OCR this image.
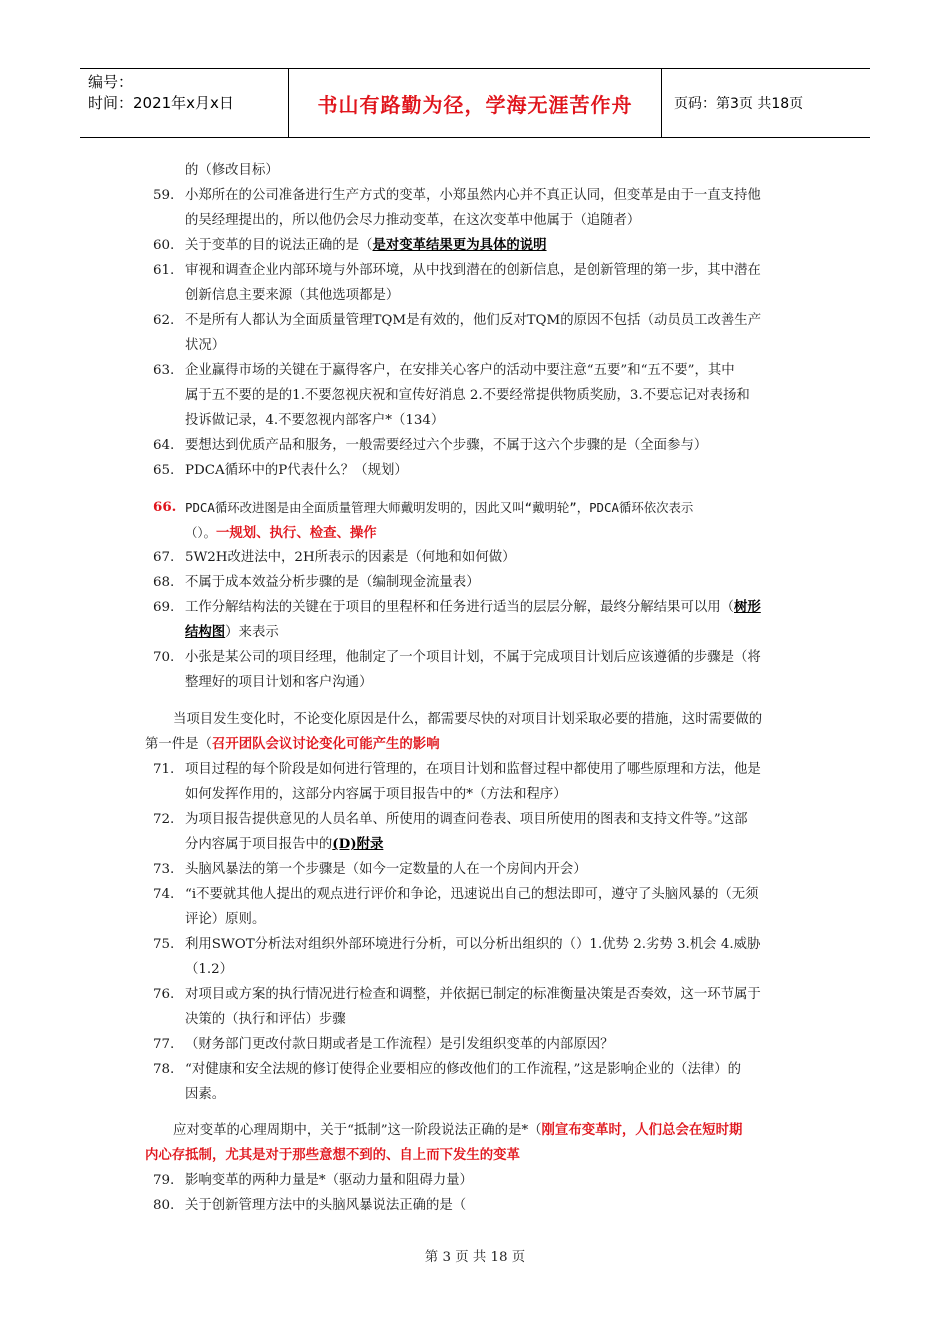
编号：
时间：2021年x月x日	书山有路勤为径，学海无涯苦作舟	页码：第3页 共18页
的（修改目标）
59. 小郑所在的公司准备进行生产方式的变革，小郑虽然内心并不真正认同，但变革是由于一直支持他
的吴经理提出的，所以他仍会尽力推动变革，在这次变革中他属于（追随者）
60. 关于变革的目的说法正确的是（是对变革结果更为具体的说明
61. 审视和调查企业内部环境与外部环境，从中找到潜在的创新信息，是创新管理的第一步，其中潜在
创新信息主要来源（其他选项都是）
62. 不是所有人都认为全面质量管理TQM是有效的，他们反对TQM的原因不包括（动员员工改善生产
状况）
63. 企业赢得市场的关键在于赢得客户，在安排关心客户的活动中要注意“五要”和“五不要”，其中
属于五不要的是的1.不要忽视庆祝和宣传好消息 2.不要经常提供物质奖励，3.不要忘记对表扬和
投诉做记录，4.不要忽视内部客户*（134）
64. 要想达到优质产品和服务，一般需要经过六个步骤，不属于这六个步骤的是（全面参与）
65. PDCA循环中的P代表什么？（规划）
66. PDCA循环改进图是由全面质量管理大师戴明发明的，因此又叫“戴明轮”，PDCA循环依次表示
（）。一规划、执行、检查、操作
67. 5W2H改进法中，2H所表示的因素是（何地和如何做）
68. 不属于成本效益分析步骤的是（编制现金流量表）
69. 工作分解结构法的关键在于项目的里程杯和任务进行适当的层层分解，最终分解结果可以用（树形
结构图）来表示
70. 小张是某公司的项目经理，他制定了一个项目计划，不属于完成项目计划后应该遵循的步骤是（将
整理好的项目计划和客户沟通）
当项目发生变化时，不论变化原因是什么，都需要尽快的对项目计划采取必要的措施，这时需要做的
第一件是（召开团队会议讨论变化可能产生的影响
71. 项目过程的每个阶段是如何进行管理的，在项目计划和监督过程中都使用了哪些原理和方法，他是
如何发挥作用的，这部分内容属于项目报告中的*（方法和程序）
72. 为项目报告提供意见的人员名单、所使用的调查问卷表、项目所使用的图表和支持文件等。”这部
分内容属于项目报告中的(D)附录
73. 头脑风暴法的第一个步骤是（如今一定数量的人在一个房间内开会）
74. “i不要就其他人提出的观点进行评价和争论，迅速说出自己的想法即可，遵守了头脑风暴的（无须
评论）原则。
75. 利用SWOT分析法对组织外部环境进行分析，可以分析出组织的（）1.优势 2.劣势 3.机会 4.威胁
（1.2）
76. 对项目或方案的执行情况进行检查和调整，并依据已制定的标准衡量决策是否奏效，这一环节属于
决策的（执行和评估）步骤
77. （财务部门更改付款日期或者是工作流程）是引发组织变革的内部原因？
78. “对健康和安全法规的修订使得企业要相应的修改他们的工作流程，”这是影响企业的（法律）的
因素。
应对变革的心理周期中，关于“抵制”这一阶段说法正确的是*（刚宣布变革时，人们总会在短时期
内心存抵制，尤其是对于那些意想不到的、自上而下发生的变革
79. 影响变革的两种力量是*（驱动力量和阻碍力量）
80. 关于创新管理方法中的头脑风暴说法正确的是（
第 3 页 共 18 页
